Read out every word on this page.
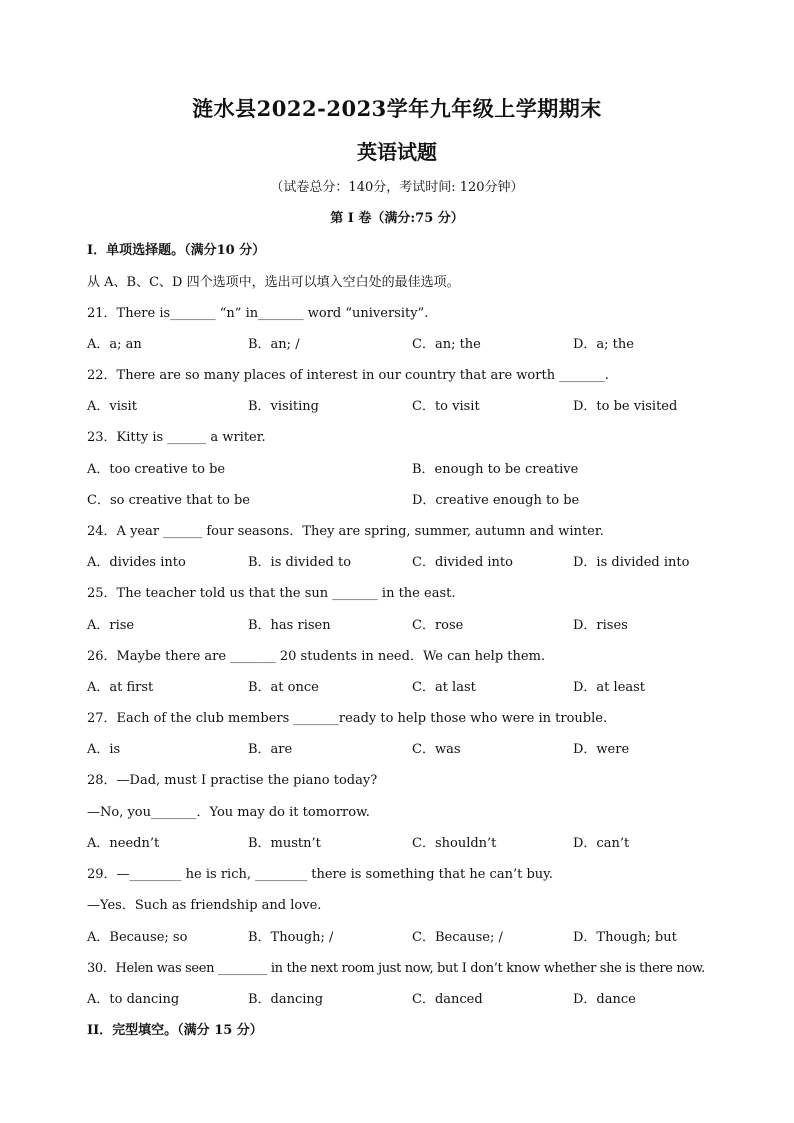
涟水县2022-2023学年九年级上学期期末
英语试题
（试卷总分：140分，考试时间: 120分钟）
第 I 卷（满分:75 分）
I．单项选择题。（满分10 分）
从 A、B、C、D 四个选项中，选出可以填入空白处的最佳选项。
21．There is_______ “n” in_______ word “university”.
A．a; an	B．an; /	C．an; the	D．a; the
22．There are so many places of interest in our country that are worth _______.
A．visit	B．visiting	C．to visit	D．to be visited
23．Kitty is ______ a writer.
A．too creative to be	B．enough to be creative
C．so creative that to be	D．creative enough to be
24．A year ______ four seasons．They are spring, summer, autumn and winter.
A．divides into	B．is divided to	C．divided into	D．is divided into
25．The teacher told us that the sun _______ in the east.
A．rise	B．has risen	C．rose	D．rises
26．Maybe there are _______ 20 students in need．We can help them.
A．at first	B．at once	C．at last	D．at least
27．Each of the club members _______ready to help those who were in trouble.
A．is	B．are	C．was	D．were
28．—Dad, must I practise the piano today?
—No, you_______．You may do it tomorrow.
A．needn’t	B．mustn’t	C．shouldn’t	D．can’t
29．—________ he is rich, ________ there is something that he can’t buy.
—Yes．Such as friendship and love.
A．Because; so	B．Though; /	C．Because; /	D．Though; but
30．Helen was seen ________ in the next room just now, but I don’t know whether she is there now.
A．to dancing	B．dancing	C．danced	D．dance
II．完型填空。（满分 15 分）
